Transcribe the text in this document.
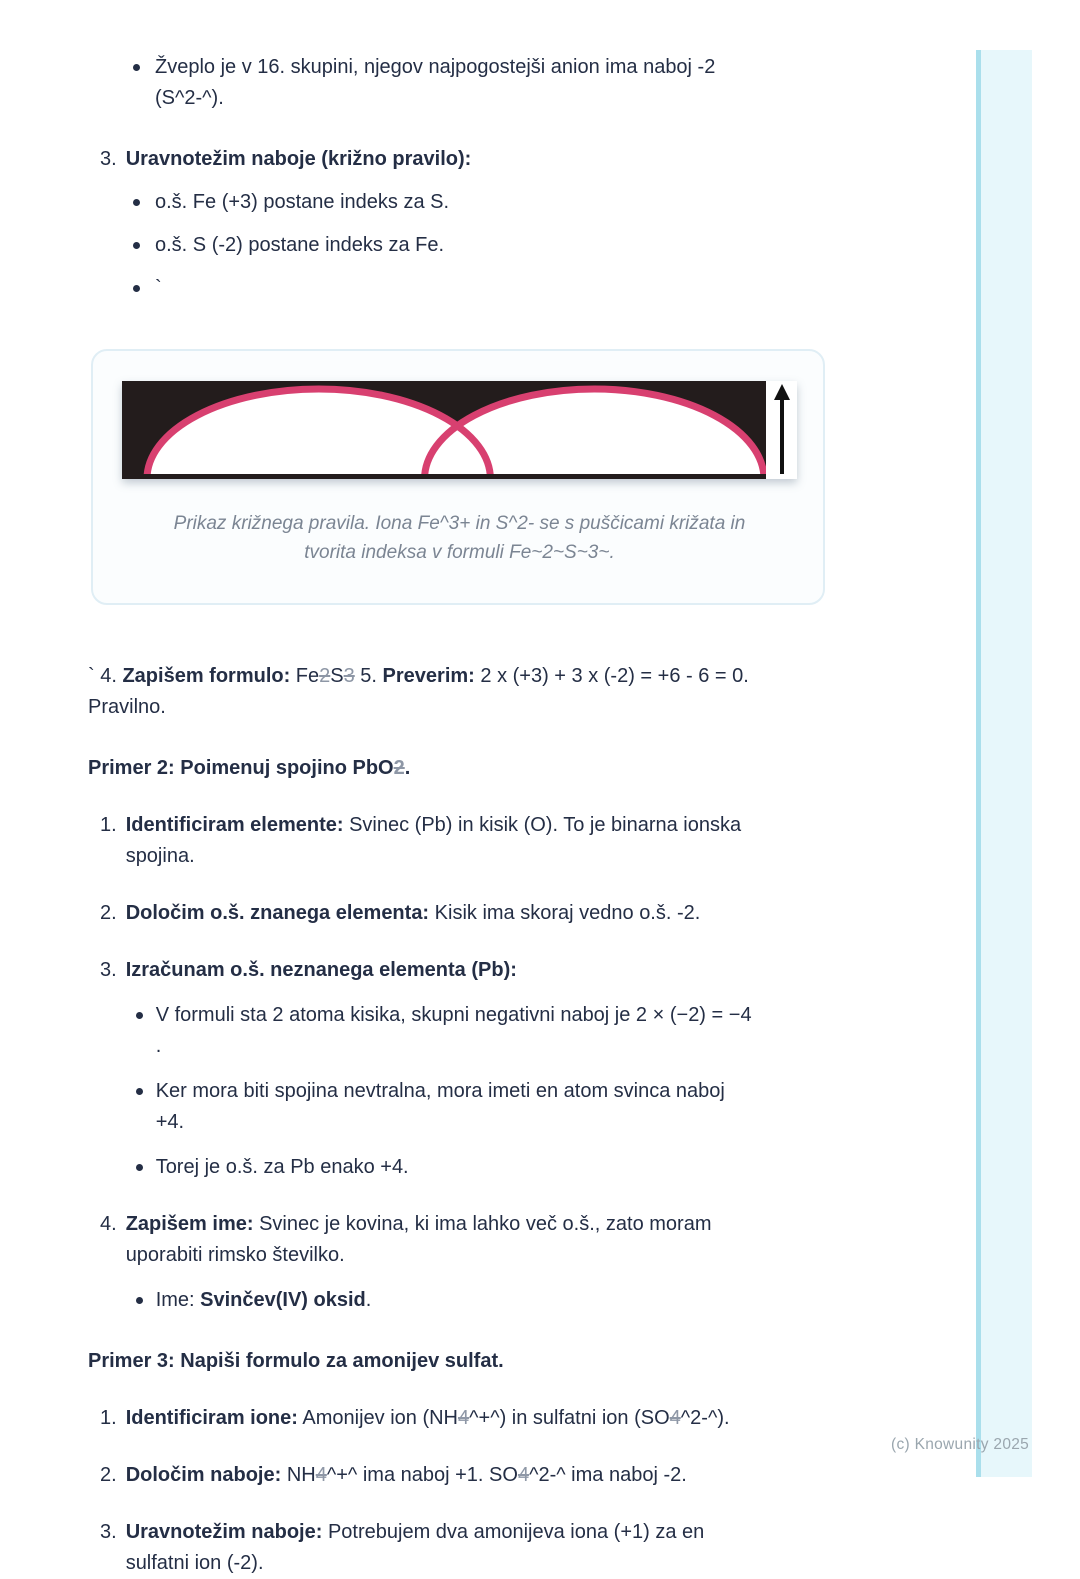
Žveplo je v 16. skupini, njegov najpogostejši anion ima naboj -2
(S^2-^).
3. Uravnotežim naboje (križno pravilo):
o.š. Fe (+3) postane indeks za S.
o.š. S (-2) postane indeks za Fe.
`
Prikaz križnega pravila. Iona Fe^3+ in S^2- se s puščicami križata in
tvorita indeksa v formuli Fe~2~S~3~.
` 4. Zapišem formulo: Fe2S3 5. Preverim: 2 x (+3) + 3 x (-2) = +6 - 6 = 0.
Pravilno.
Primer 2: Poimenuj spojino PbO2.
1. Identificiram elemente: Svinec (Pb) in kisik (O). To je binarna ionska
spojina.
2. Določim o.š. znanega elementa: Kisik ima skoraj vedno o.š. -2.
3. Izračunam o.š. neznanega elementa (Pb):
V formuli sta 2 atoma kisika, skupni negativni naboj je 2 × (−2) = −4
.
Ker mora biti spojina nevtralna, mora imeti en atom svinca naboj
+4.
Torej je o.š. za Pb enako +4.
4. Zapišem ime: Svinec je kovina, ki ima lahko več o.š., zato moram
uporabiti rimsko številko.
Ime: Svinčev(IV) oksid.
Primer 3: Napiši formulo za amonijev sulfat.
1. Identificiram ione: Amonijev ion (NH4^+^) in sulfatni ion (SO4^2-^).
2. Določim naboje: NH4^+^ ima naboj +1. SO4^2-^ ima naboj -2.
3. Uravnotežim naboje: Potrebujem dva amonijeva iona (+1) za en
sulfatni ion (-2).
(c) Knowunity 2025
